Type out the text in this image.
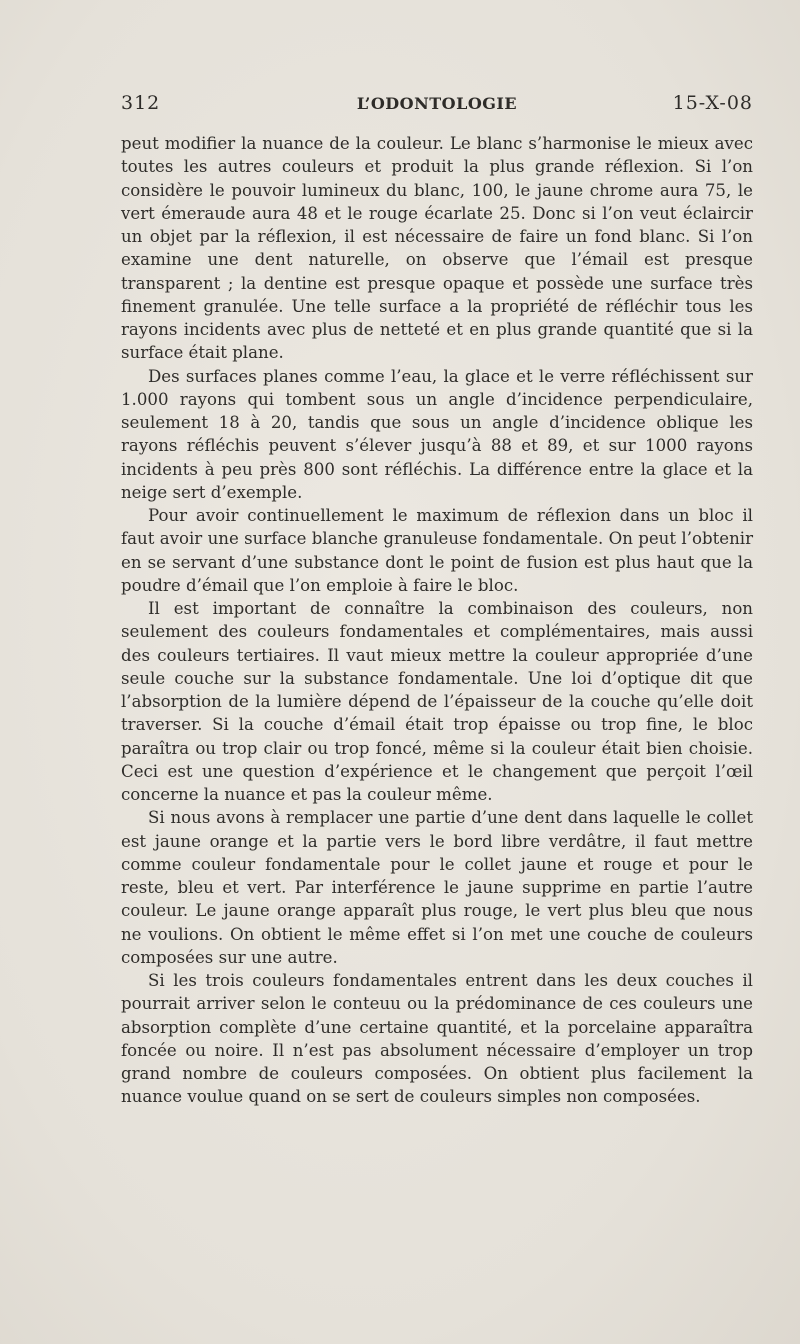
312	L’ODONTOLOGIE	15-X-08

peut modifier la nuance de la couleur. Le blanc s’harmonise le mieux avec toutes les autres couleurs et produit la plus grande réflexion. Si l’on considère le pouvoir lumineux du blanc, 100, le jaune chrome aura 75, le vert émeraude aura 48 et le rouge écarlate 25. Donc si l’on veut éclaircir un objet par la réflexion, il est nécessaire de faire un fond blanc. Si l’on examine une dent naturelle, on observe que l’émail est presque transparent ; la dentine est presque opaque et possède une surface très finement granulée. Une telle surface a la propriété de réfléchir tous les rayons incidents avec plus de netteté et en plus grande quantité que si la surface était plane.

Des surfaces planes comme l’eau, la glace et le verre réfléchissent sur 1.000 rayons qui tombent sous un angle d’incidence perpendiculaire, seulement 18 à 20, tandis que sous un angle d’incidence oblique les rayons réfléchis peuvent s’élever jusqu’à 88 et 89, et sur 1000 rayons incidents à peu près 800 sont réfléchis. La différence entre la glace et la neige sert d’exemple.

Pour avoir continuellement le maximum de réflexion dans un bloc il faut avoir une surface blanche granuleuse fondamentale. On peut l’obtenir en se servant d’une substance dont le point de fusion est plus haut que la poudre d’émail que l’on emploie à faire le bloc.

Il est important de connaître la combinaison des couleurs, non seulement des couleurs fondamentales et complémentaires, mais aussi des couleurs tertiaires. Il vaut mieux mettre la couleur appropriée d’une seule couche sur la substance fondamentale. Une loi d’optique dit que l’absorption de la lumière dépend de l’épaisseur de la couche qu’elle doit traverser. Si la couche d’émail était trop épaisse ou trop fine, le bloc paraîtra ou trop clair ou trop foncé, même si la couleur était bien choisie. Ceci est une question d’expérience et le changement que perçoit l’œil concerne la nuance et pas la couleur même.

Si nous avons à remplacer une partie d’une dent dans laquelle le collet est jaune orange et la partie vers le bord libre verdâtre, il faut mettre comme couleur fondamentale pour le collet jaune et rouge et pour le reste, bleu et vert. Par interférence le jaune supprime en partie l’autre couleur. Le jaune orange apparaît plus rouge, le vert plus bleu que nous ne voulions. On obtient le même effet si l’on met une couche de couleurs composées sur une autre.

Si les trois couleurs fondamentales entrent dans les deux couches il pourrait arriver selon le conteuu ou la prédominance de ces couleurs une absorption complète d’une certaine quantité, et la porcelaine apparaîtra foncée ou noire. Il n’est pas absolument nécessaire d’employer un trop grand nombre de couleurs composées. On obtient plus facilement la nuance voulue quand on se sert de couleurs simples non composées.
